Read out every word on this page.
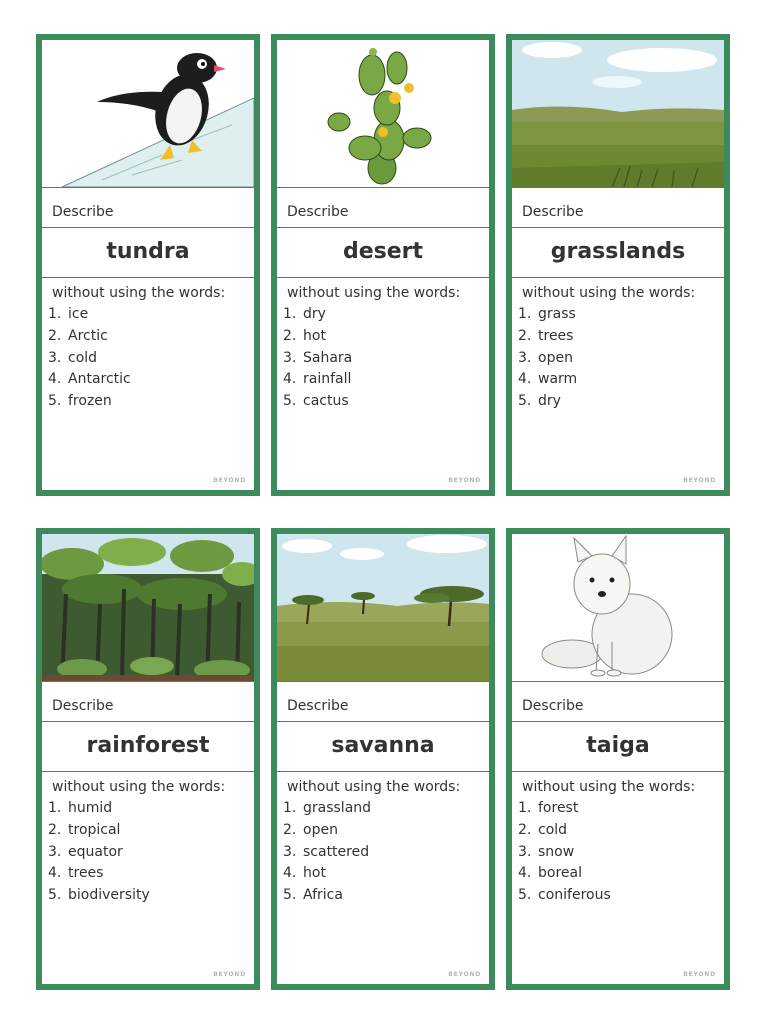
Describe
tundra
without using the words:
1. ice
2. Arctic
3. cold
4. Antarctic
5. frozen
BEYOND
Describe
desert
without using the words:
1. dry
2. hot
3. Sahara
4. rainfall
5. cactus
BEYOND
Describe
grasslands
without using the words:
1. grass
2. trees
3. open
4. warm
5. dry
BEYOND
Describe
rainforest
without using the words:
1. humid
2. tropical
3. equator
4. trees
5. biodiversity
BEYOND
Describe
savanna
without using the words:
1. grassland
2. open
3. scattered
4. hot
5. Africa
BEYOND
Describe
taiga
without using the words:
1. forest
2. cold
3. snow
4. boreal
5. coniferous
BEYOND
